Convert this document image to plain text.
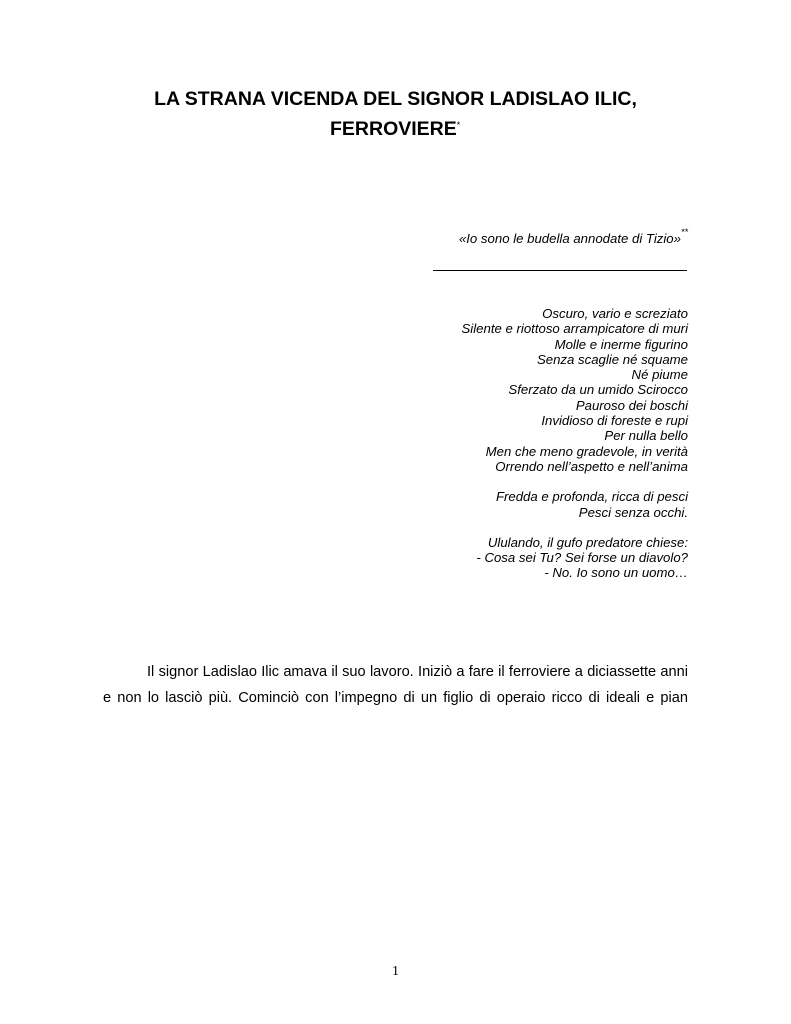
LA STRANA VICENDA DEL SIGNOR LADISLAO ILIC,
FERROVIERE*
«Io sono le budella annodate di Tizio»**
Oscuro, vario e screziato
Silente e riottoso arrampicatore di muri
Molle e inerme figurino
Senza scaglie né squame
Né piume
Sferzato da un umido Scirocco
Pauroso dei boschi
Invidioso di foreste e rupi
Per nulla bello
Men che meno gradevole, in verità
Orrendo nell’aspetto e nell’anima
Fredda e profonda, ricca di pesci
Pesci senza occhi.
Ululando, il gufo predatore chiese:
- Cosa sei Tu? Sei forse un diavolo?
- No. Io sono un uomo…

Il signor Ladislao Ilic amava il suo lavoro. Iniziò a fare il ferroviere a diciassette anni e non lo lasciò più. Cominciò con l’impegno di un figlio di operaio ricco di ideali e pian

1
